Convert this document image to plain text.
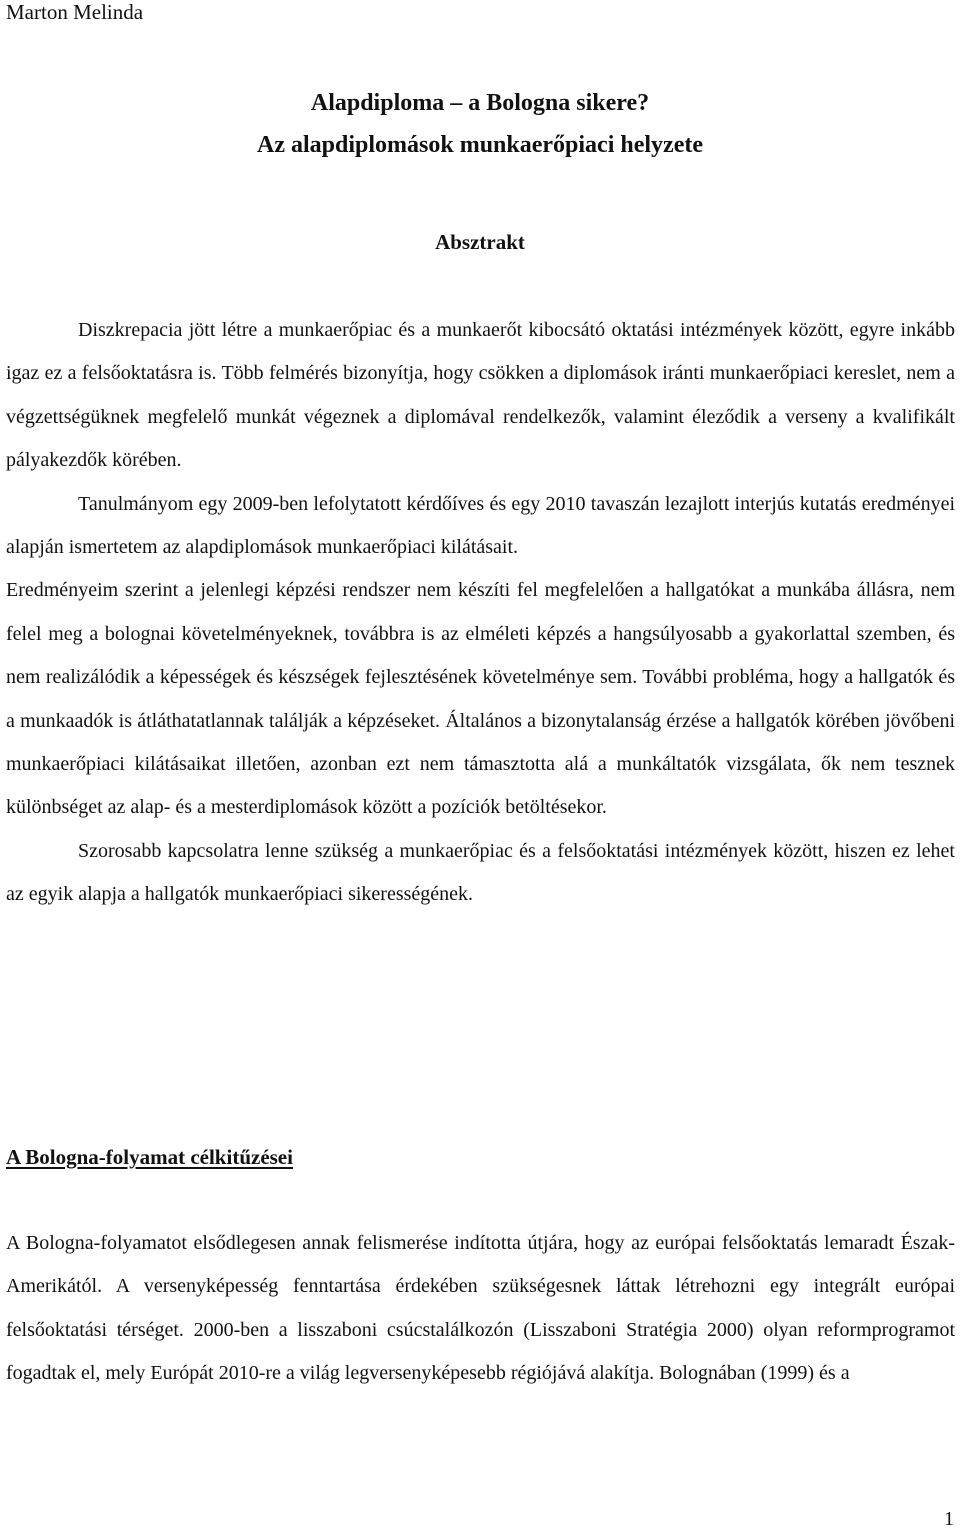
Marton Melinda
Alapdiploma – a Bologna sikere?
Az alapdiplomások munkaerőpiaci helyzete
Absztrakt

Diszkrepacia jött létre a munkaerőpiac és a munkaerőt kibocsátó oktatási intézmények között, egyre inkább igaz ez a felsőoktatásra is. Több felmérés bizonyítja, hogy csökken a diplomások iránti munkaerőpiaci kereslet, nem a végzettségüknek megfelelő munkát végeznek a diplomával rendelkezők, valamint éleződik a verseny a kvalifikált pályakezdők körében.

Tanulmányom egy 2009-ben lefolytatott kérdőíves és egy 2010 tavaszán lezajlott interjús kutatás eredményei alapján ismertetem az alapdiplomások munkaerőpiaci kilátásait.

Eredményeim szerint a jelenlegi képzési rendszer nem készíti fel megfelelően a hallgatókat a munkába állásra, nem felel meg a bolognai követelményeknek, továbbra is az elméleti képzés a hangsúlyosabb a gyakorlattal szemben, és nem realizálódik a képességek és készségek fejlesztésének követelménye sem. További probléma, hogy a hallgatók és a munkaadók is átláthatatlannak találják a képzéseket. Általános a bizonytalanság érzése a hallgatók körében jövőbeni munkaerőpiaci kilátásaikat illetően, azonban ezt nem támasztotta alá a munkáltatók vizsgálata, ők nem tesznek különbséget az alap- és a mesterdiplomások között a pozíciók betöltésekor.

Szorosabb kapcsolatra lenne szükség a munkaerőpiac és a felsőoktatási intézmények között, hiszen ez lehet az egyik alapja a hallgatók munkaerőpiaci sikerességének.

A Bologna-folyamat célkitűzései

A Bologna-folyamatot elsődlegesen annak felismerése indította útjára, hogy az európai felsőoktatás lemaradt Észak-Amerikától. A versenyképesség fenntartása érdekében szükségesnek láttak létrehozni egy integrált európai felsőoktatási térséget. 2000-ben a lisszaboni csúcstalálkozón (Lisszaboni Stratégia 2000) olyan reformprogramot fogadtak el, mely Európát 2010-re a világ legversenyképesebb régiójává alakítja. Bolognában (1999) és a

1
